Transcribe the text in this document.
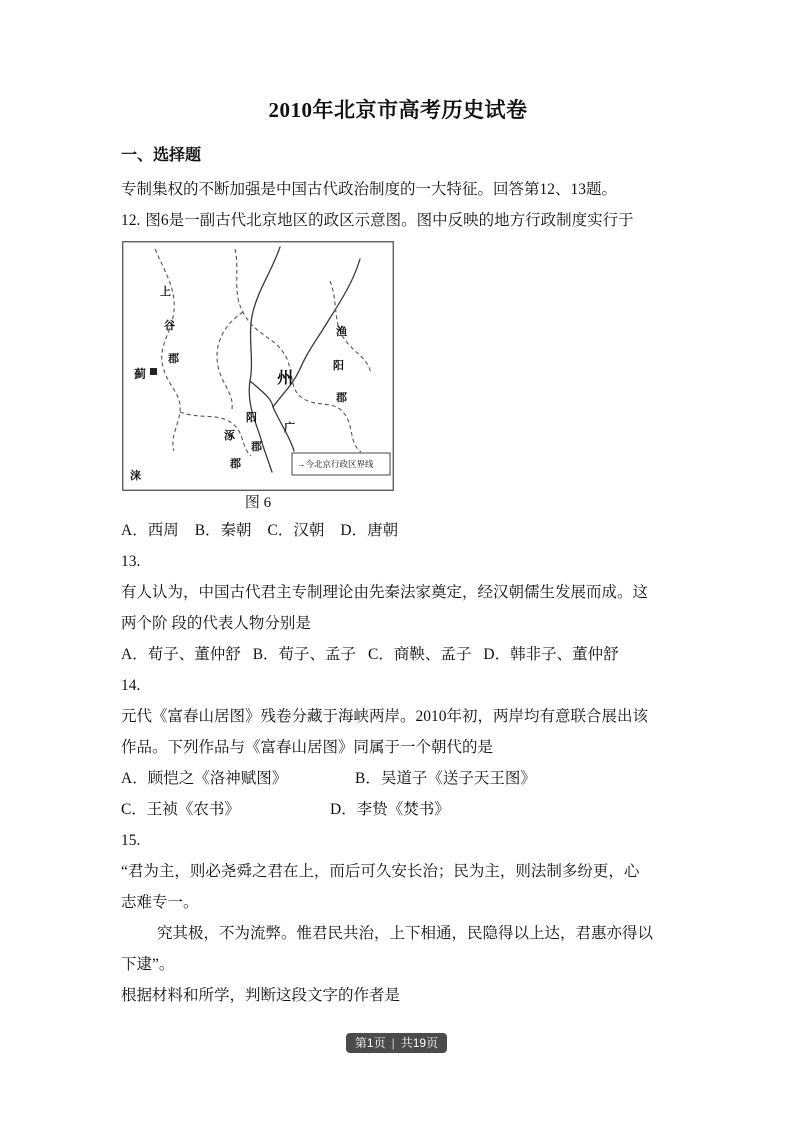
2010年北京市高考历史试卷
一、选择题

专制集权的不断加强是中国古代政治制度的一大特征。回答第12、13题。

12. 图6是一副古代北京地区的政区示意图。图中反映的地方行政制度实行于

上
谷
郡
蓟	州
渔
阳
郡
广
阳
郡
涿
郡
涞
→今北京行政区界线
图 6
A．西周 B．秦朝 C．汉朝 D．唐朝

13.

有人认为，中国古代君主专制理论由先秦法家奠定，经汉朝儒生发展而成。这

两个阶 段的代表人物分别是

A．荀子、董仲舒 B．荀子、孟子 C．商鞅、孟子 D．韩非子、董仲舒

14.

元代《富春山居图》残卷分藏于海峡两岸。2010年初，两岸均有意联合展出该

作品。下列作品与《富春山居图》同属于一个朝代的是

A．顾恺之《洛神赋图》	B．吴道子《送子天王图》
C．王祯《农书》	D．李贽《焚书》

15.

“君为主，则必尧舜之君在上，而后可久安长治；民为主，则法制多纷更，心

志难专一。

究其极，不为流弊。惟君民共治，上下相通，民隐得以上达，君惠亦得以

下逮”。

根据材料和所学，判断这段文字的作者是

第1页 | 共19页
